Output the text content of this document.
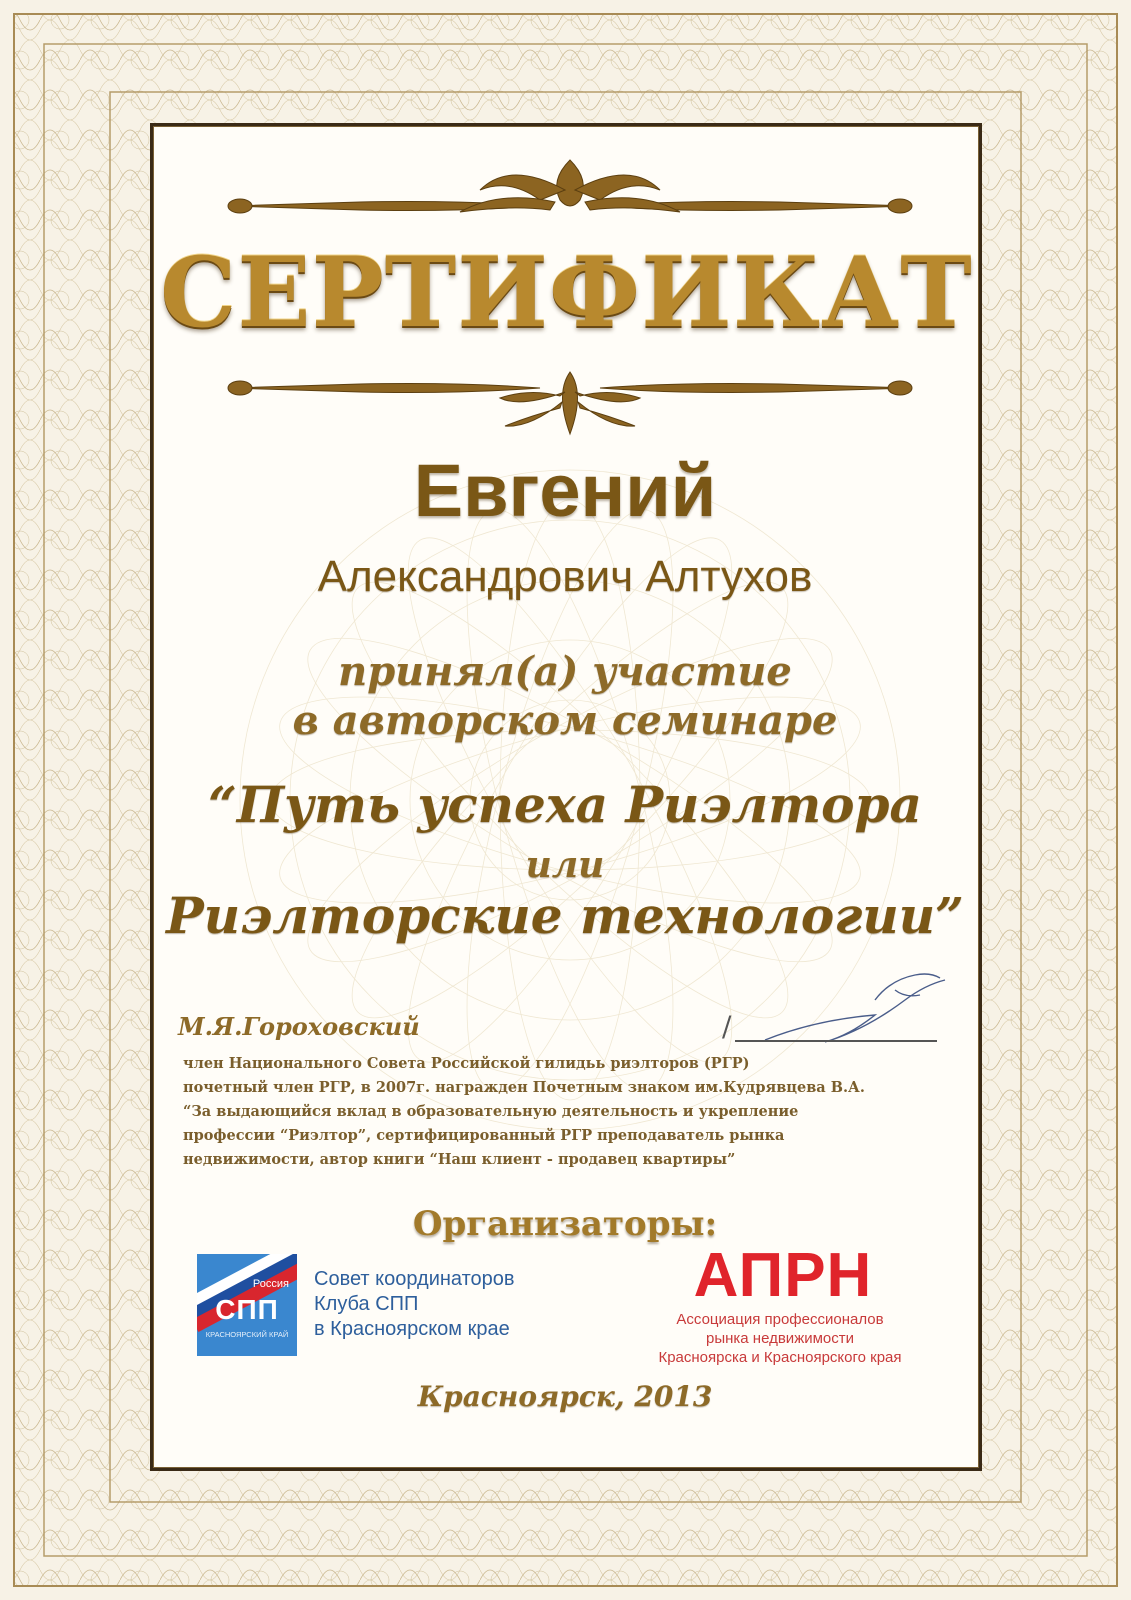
СЕРТИФИКАТ
Евгений
Александрович Алтухов
принял(а) участие
в авторском семинаре
“Путь успеха Риэлтора
или
Риэлторские технологии”
М.Я.Гороховский	/
член Национального Совета Российской гилидьь риэлторов (РГР)
почетный член РГР, в 2007г. награжден Почетным знаком им.Кудрявцева В.А.
“За выдающийся вклад в образовательную деятельность и укрепление
профессии “Риэлтор”, сертифицированный РГР преподаватель рынка
недвижимости, автор книги “Наш клиент - продавец квартиры”
Организаторы:
Россия
СПП
КРАСНОЯРСКИЙ КРАЙ
Совет координаторов
Клуба СПП
в Красноярском крае
АПРН
Ассоциация профессионалов
рынка недвижимости
Красноярска и Красноярского края
Красноярск, 2013
